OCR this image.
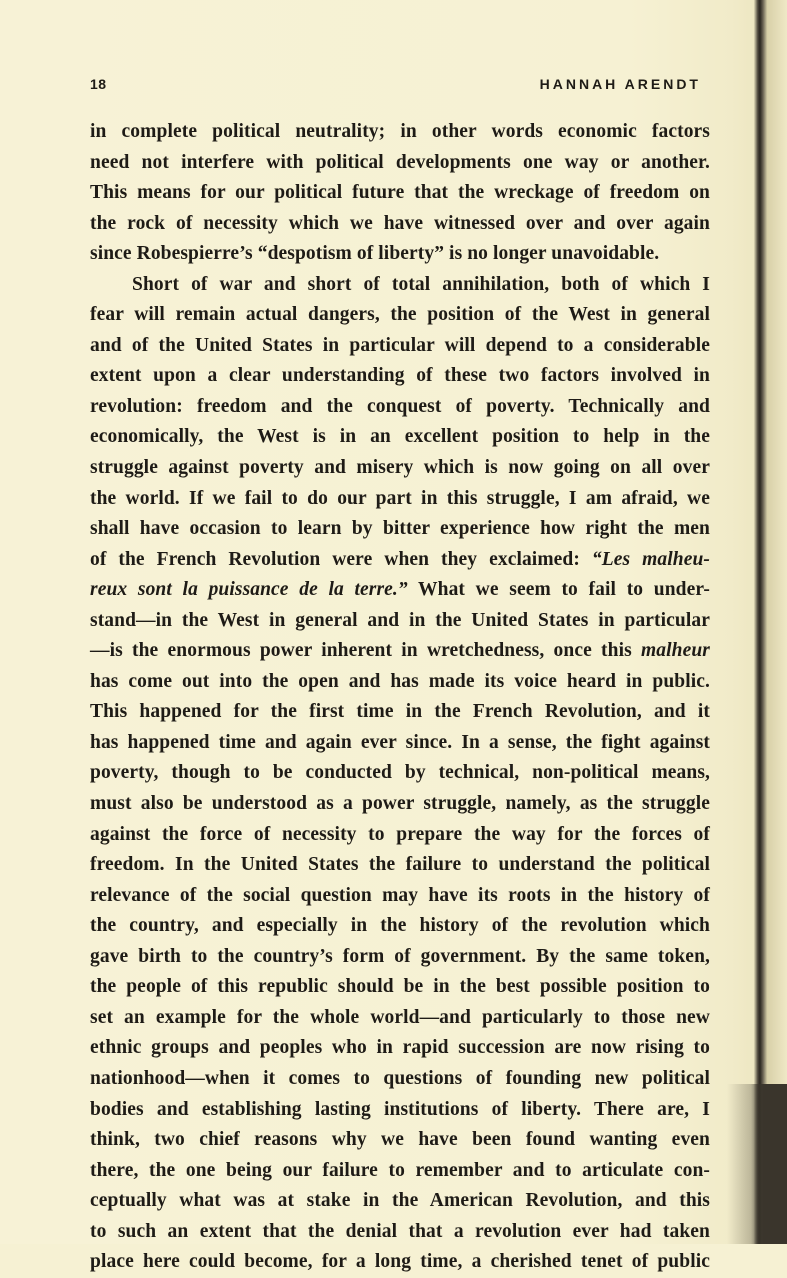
18	HANNAH ARENDT
in complete political neutrality; in other words economic factors
need not interfere with political developments one way or another.
This means for our political future that the wreckage of freedom on
the rock of necessity which we have witnessed over and over again
since Robespierre’s “despotism of liberty” is no longer unavoidable.
Short of war and short of total annihilation, both of which I
fear will remain actual dangers, the position of the West in general
and of the United States in particular will depend to a considerable
extent upon a clear understanding of these two factors involved in
revolution: freedom and the conquest of poverty. Technically and
economically, the West is in an excellent position to help in the
struggle against poverty and misery which is now going on all over
the world. If we fail to do our part in this struggle, I am afraid, we
shall have occasion to learn by bitter experience how right the men
of the French Revolution were when they exclaimed: “Les malheu-
reux sont la puissance de la terre.” What we seem to fail to under-
stand—in the West in general and in the United States in particular
—is the enormous power inherent in wretchedness, once this malheur
has come out into the open and has made its voice heard in public.
This happened for the first time in the French Revolution, and it
has happened time and again ever since. In a sense, the fight against
poverty, though to be conducted by technical, non-political means,
must also be understood as a power struggle, namely, as the struggle
against the force of necessity to prepare the way for the forces of
freedom. In the United States the failure to understand the political
relevance of the social question may have its roots in the history of
the country, and especially in the history of the revolution which
gave birth to the country’s form of government. By the same token,
the people of this republic should be in the best possible position to
set an example for the whole world—and particularly to those new
ethnic groups and peoples who in rapid succession are now rising to
nationhood—when it comes to questions of founding new political
bodies and establishing lasting institutions of liberty. There are, I
think, two chief reasons why we have been found wanting even
there, the one being our failure to remember and to articulate con-
ceptually what was at stake in the American Revolution, and this
to such an extent that the denial that a revolution ever had taken
place here could become, for a long time, a cherished tenet of public
